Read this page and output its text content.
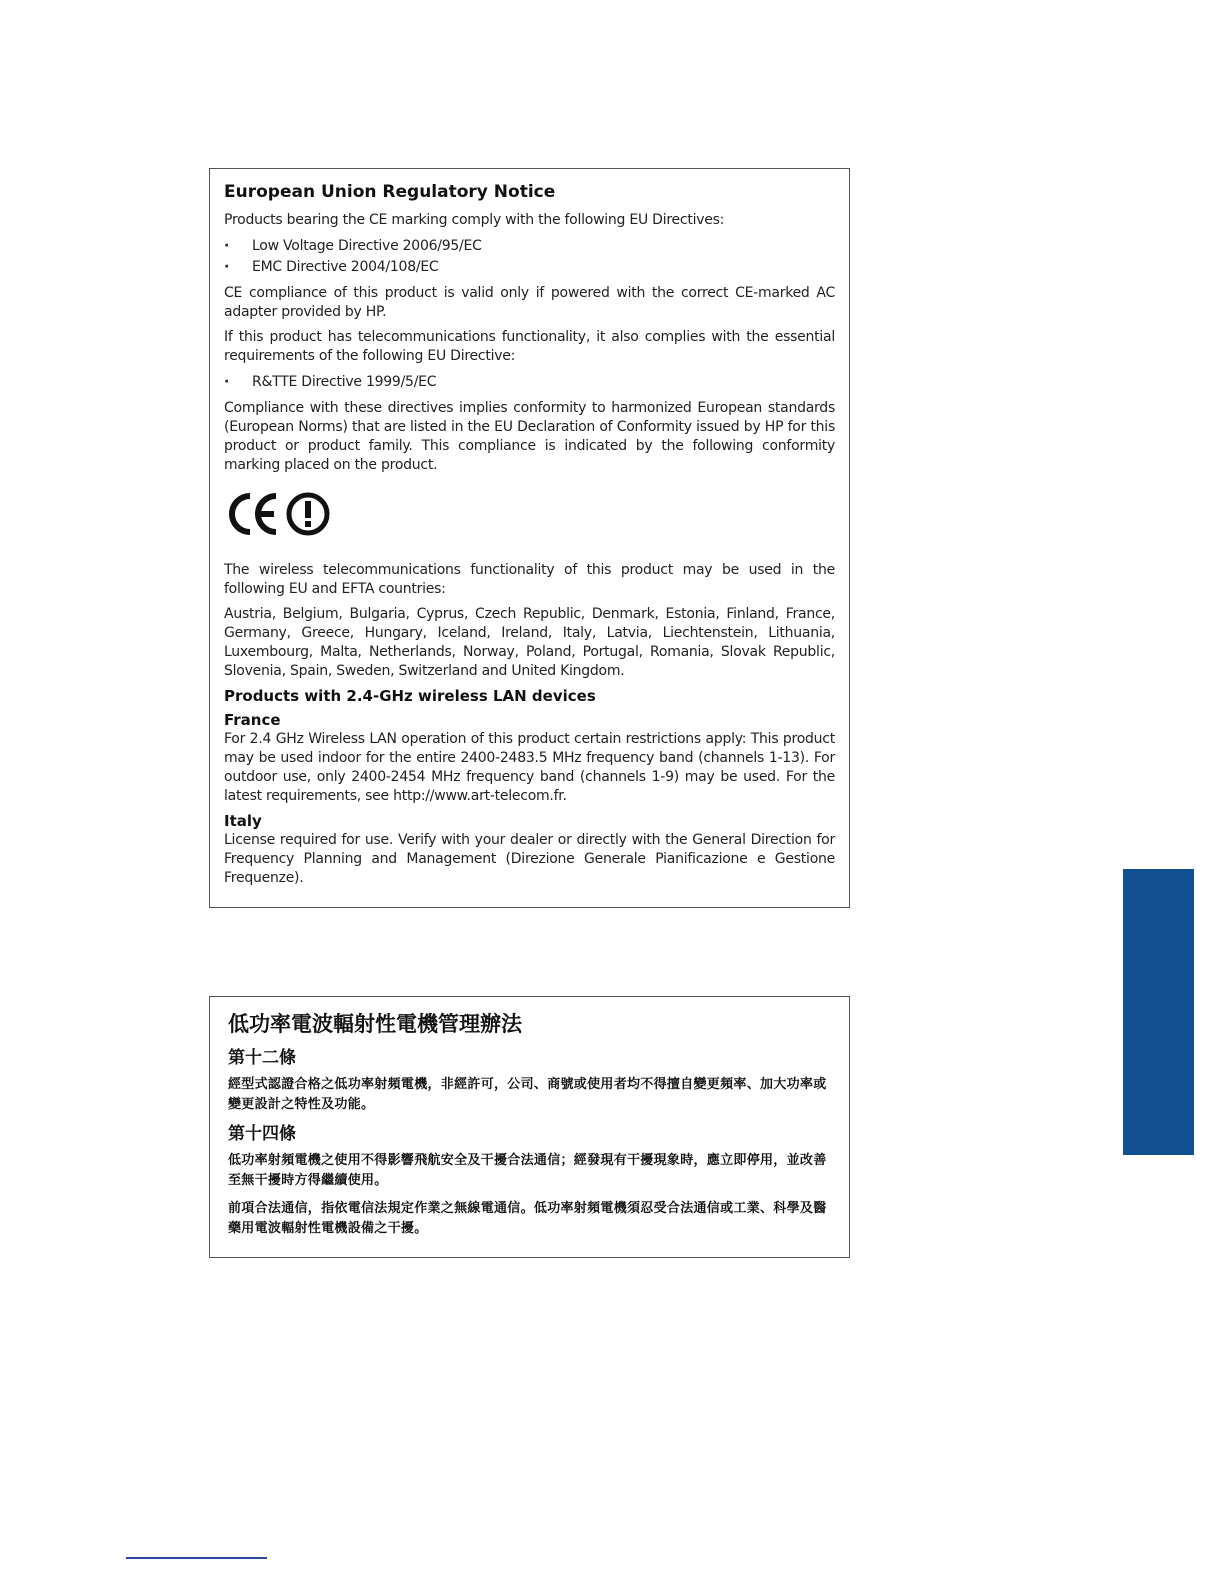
European Union Regulatory Notice

Products bearing the CE marking comply with the following EU Directives:

· Low Voltage Directive 2006/95/EC
· EMC Directive 2004/108/EC

CE compliance of this product is valid only if powered with the correct CE-marked AC adapter provided by HP.

If this product has telecommunications functionality, it also complies with the essential requirements of the following EU Directive:

· R&TTE Directive 1999/5/EC

Compliance with these directives implies conformity to harmonized European standards (European Norms) that are listed in the EU Declaration of Conformity issued by HP for this product or product family. This compliance is indicated by the following conformity marking placed on the product.

The wireless telecommunications functionality of this product may be used in the following EU and EFTA countries:

Austria, Belgium, Bulgaria, Cyprus, Czech Republic, Denmark, Estonia, Finland, France, Germany, Greece, Hungary, Iceland, Ireland, Italy, Latvia, Liechtenstein, Lithuania, Luxembourg, Malta, Netherlands, Norway, Poland, Portugal, Romania, Slovak Republic, Slovenia, Spain, Sweden, Switzerland and United Kingdom.

Products with 2.4-GHz wireless LAN devices
France

For 2.4 GHz Wireless LAN operation of this product certain restrictions apply: This product may be used indoor for the entire 2400-2483.5 MHz frequency band (channels 1-13). For outdoor use, only 2400-2454 MHz frequency band (channels 1-9) may be used. For the latest requirements, see http://www.art-telecom.fr.

Italy

License required for use. Verify with your dealer or directly with the General Direction for Frequency Planning and Management (Direzione Generale Pianificazione e Gestione Frequenze).

低功率電波輻射性電機管理辦法
第十二條

經型式認證合格之低功率射頻電機，非經許可，公司、商號或使用者均不得擅自變更頻率、加大功率或變更設計之特性及功能。

第十四條

低功率射頻電機之使用不得影響飛航安全及干擾合法通信；經發現有干擾現象時，應立即停用，並改善至無干擾時方得繼續使用。

前項合法通信，指依電信法規定作業之無線電通信。低功率射頻電機須忍受合法通信或工業、科學及醫藥用電波輻射性電機設備之干擾。
